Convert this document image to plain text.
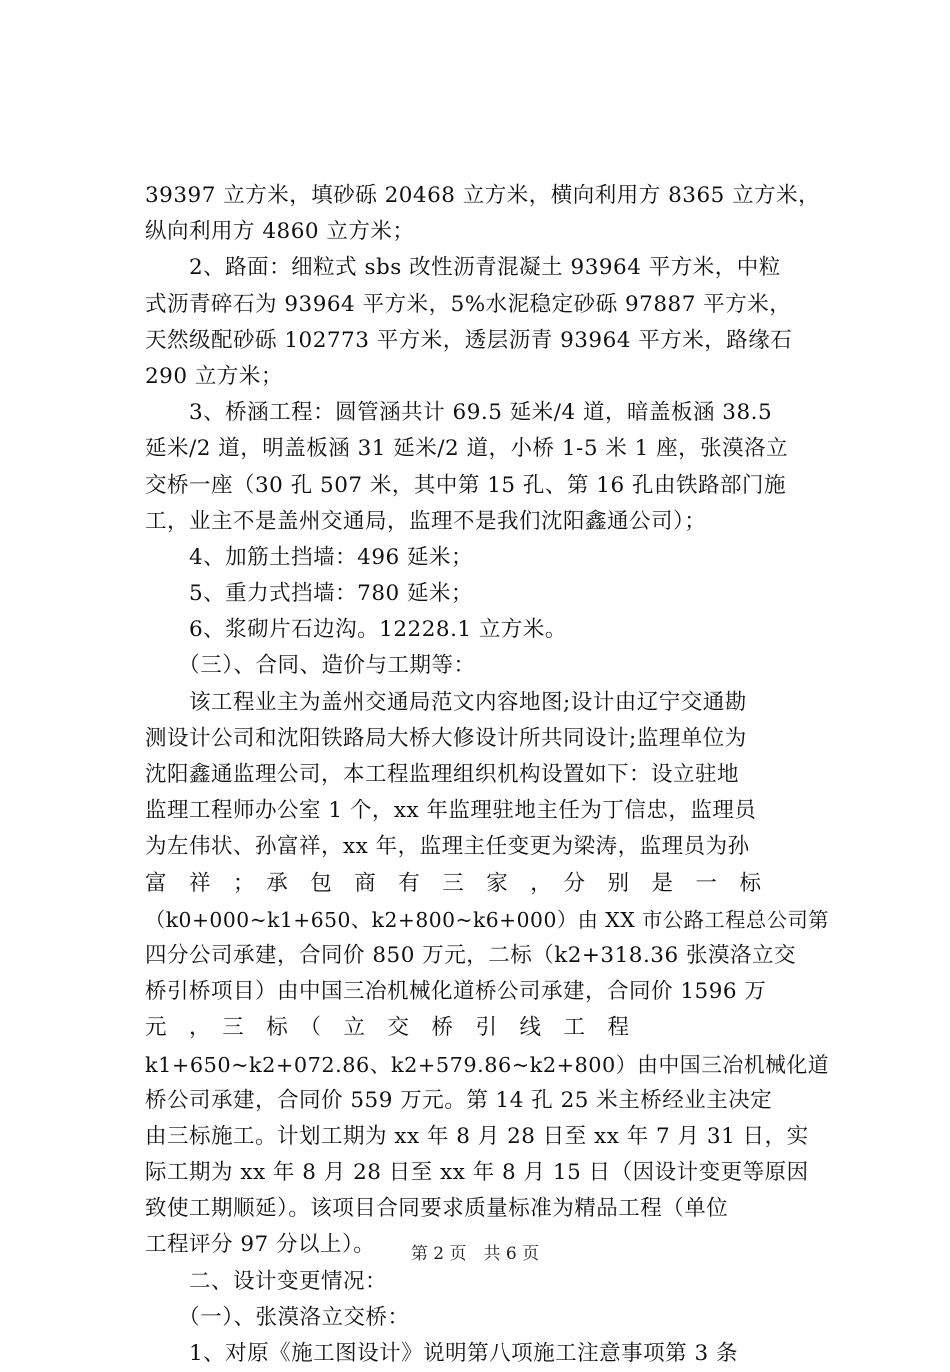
39397 立方米，填砂砾 20468 立方米，横向利用方 8365 立方米，
纵向利用方 4860 立方米；
　　2、路面：细粒式 sbs 改性沥青混凝土 93964 平方米，中粒
式沥青碎石为 93964 平方米，5%水泥稳定砂砾 97887 平方米，
天然级配砂砾 102773 平方米，透层沥青 93964 平方米，路缘石
290 立方米；
　　3、桥涵工程：圆管涵共计 69.5 延米/4 道，暗盖板涵 38.5
延米/2 道，明盖板涵 31 延米/2 道，小桥 1-5 米 1 座，张漠洛立
交桥一座（30 孔 507 米，其中第 15 孔、第 16 孔由铁路部门施
工，业主不是盖州交通局，监理不是我们沈阳鑫通公司）；
　　4、加筋土挡墙：496 延米；
　　5、重力式挡墙：780 延米；
　　6、浆砌片石边沟。12228.1 立方米。
　　（三）、合同、造价与工期等：
　　该工程业主为盖州交通局范文内容地图;设计由辽宁交通勘
测设计公司和沈阳铁路局大桥大修设计所共同设计;监理单位为
沈阳鑫通监理公司，本工程监理组织机构设置如下：设立驻地
监理工程师办公室 1 个，xx 年监理驻地主任为丁信忠，监理员
为左伟状、孙富祥，xx 年，监理主任变更为梁涛，监理员为孙
富　祥　；　承　包　商　有　三　家　，　分　别　是　一　标
（k0+000~k1+650、k2+800~k6+000）由 XX 市公路工程总公司第
四分公司承建，合同价 850 万元，二标（k2+318.36 张漠洛立交
桥引桥项目）由中国三冶机械化道桥公司承建，合同价 1596 万
元　，　三　标　（　立　交　桥　引　线　工　程
k1+650~k2+072.86、k2+579.86~k2+800）由中国三冶机械化道
桥公司承建，合同价 559 万元。第 14 孔 25 米主桥经业主决定
由三标施工。计划工期为 xx 年 8 月 28 日至 xx 年 7 月 31 日，实
际工期为 xx 年 8 月 28 日至 xx 年 8 月 15 日（因设计变更等原因
致使工期顺延）。该项目合同要求质量标准为精品工程（单位
工程评分 97 分以上）。
　　二、设计变更情况：
　　（一）、张漠洛立交桥：
　　1、对原《施工图设计》说明第八项施工注意事项第 3 条
第 2 页　共 6 页
